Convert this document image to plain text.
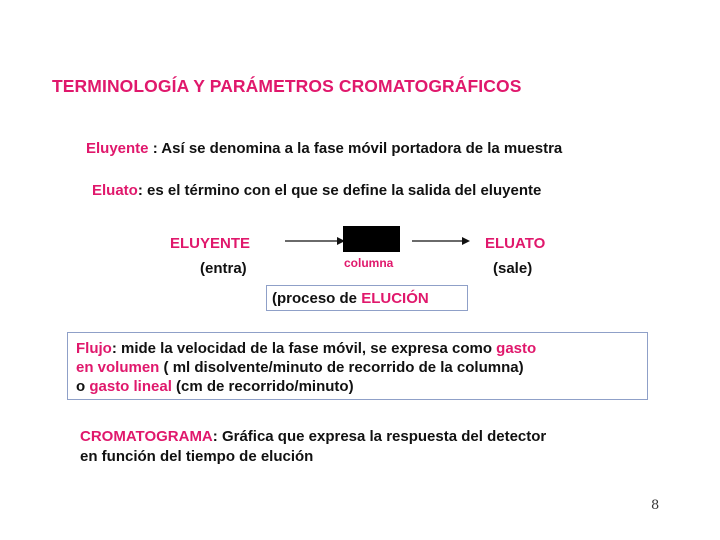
TERMINOLOGÍA Y PARÁMETROS CROMATOGRÁFICOS
Eluyente : Así se denomina a la fase móvil portadora de la muestra
Eluato: es el término con el que se define la salida del eluyente
ELUYENTE
(entra)	columna
ELUATO
(sale)
(proceso de ELUCIÓN
Flujo: mide la velocidad de la fase móvil, se expresa como gasto
en volumen ( ml disolvente/minuto de recorrido de la columna)
o gasto lineal (cm de recorrido/minuto)
CROMATOGRAMA: Gráfica que expresa la respuesta del detector
en función del tiempo de elución
8
